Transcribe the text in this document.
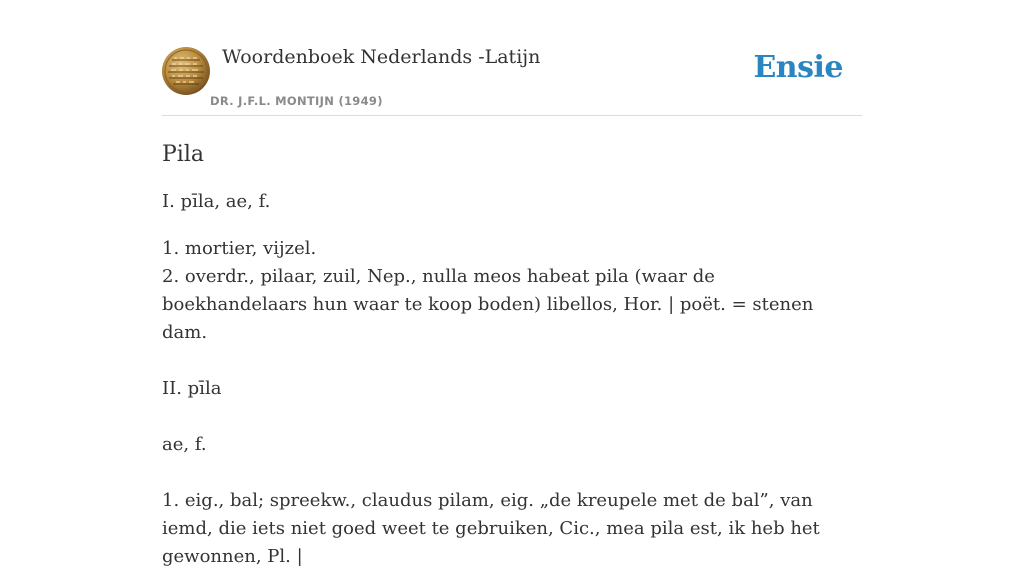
Woordenboek Nederlands -Latijn
DR. J.F.L. MONTIJN (1949)
Ensie
Pila

I. pīla, ae, f.

1. mortier, vijzel.

2. overdr., pilaar, zuil, Nep., nulla meos habeat pila (waar de boekhandelaars hun waar te koop boden) libellos, Hor. | poët. = stenen dam.

II. pīla

ae, f.

1. eig., bal; spreekw., claudus pilam, eig. „de kreupele met de bal”, van iemd, die iets niet goed weet te gebruiken, Cic., mea pila est, ik heb het gewonnen, Pl. |
